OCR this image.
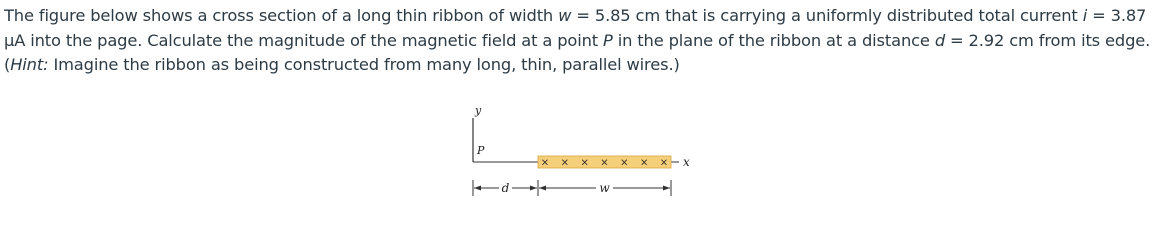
The figure below shows a cross section of a long thin ribbon of width w = 5.85 cm that is carrying a uniformly distributed total current i = 3.87 μA into the page. Calculate the magnitude of the magnetic field at a point P in the plane of the ribbon at a distance d = 2.92 cm from its edge. (Hint: Imagine the ribbon as being constructed from many long, thin, parallel wires.)

y
x
P
× × × × × × ×
d	w
